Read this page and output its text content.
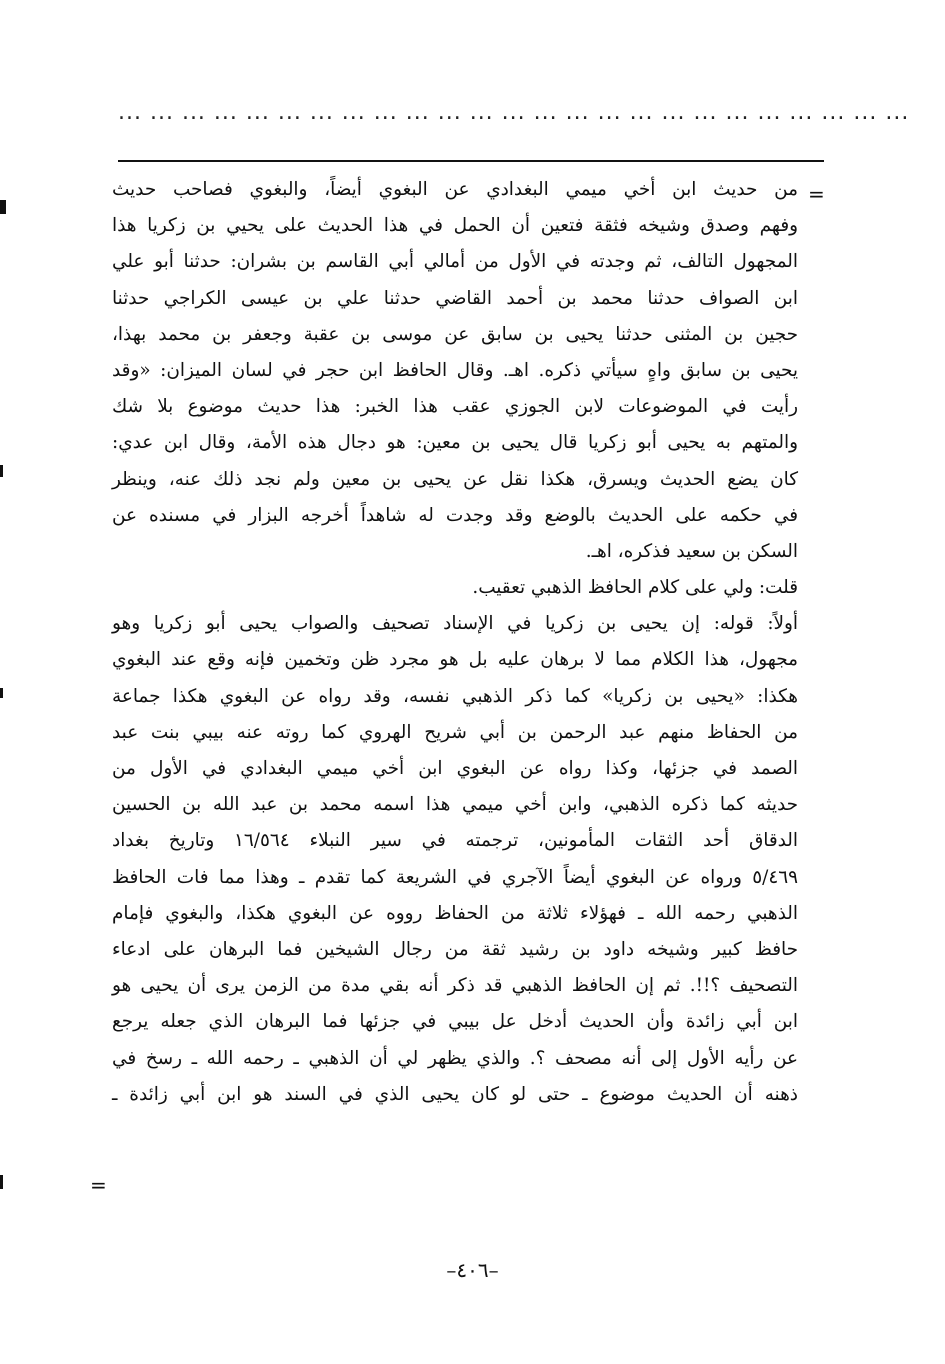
... ... ... ... ... ... ... ... ... ... ... ... ... ... ... ... ... ... ... ... ... ... ... ... ...
=
من حديث ابن أخي ميمي البغدادي عن البغوي أيضاً، والبغوي فصاحب حديث
وفهم وصدق وشيخه فثقة فتعين أن الحمل في هذا الحديث على يحيي بن زكريا هذا
المجهول التالف، ثم وجدته في الأول من أمالي أبي القاسم بن بشران: حدثنا أبو علي
ابن الصواف حدثنا محمد بن أحمد القاضي حدثنا علي بن عيسى الكراجي حدثنا
حجين بن المثنى حدثنا يحيى بن سابق عن موسى بن عقبة وجعفر بن محمد بهذا،
يحيى بن سابق واهٍ سيأتي ذكره. اهـ. وقال الحافظ ابن حجر في لسان الميزان: «وقد
رأيت في الموضوعات لابن الجوزي عقب هذا الخبر: هذا حديث موضوع بلا شك
والمتهم به يحيى أبو زكريا قال يحيى بن معين: هو دجال هذه الأمة، وقال ابن عدي:
كان يضع الحديث ويسرق، هكذا نقل عن يحيى بن معين ولم نجد ذلك عنه، وينظر
في حكمه على الحديث بالوضع وقد وجدت له شاهداً أخرجه البزار في مسنده عن
السكن بن سعيد فذكره، اهـ.
قلت: ولي على كلام الحافظ الذهبي تعقيب.
أولاً: قوله: إن يحيى بن زكريا في الإسناد تصحيف والصواب يحيى أبو زكريا وهو
مجهول، هذا الكلام مما لا برهان عليه بل هو مجرد ظن وتخمين فإنه وقع عند البغوي
هكذا: «يحيى بن زكريا» كما ذكر الذهبي نفسه، وقد رواه عن البغوي هكذا جماعة
من الحفاظ منهم عبد الرحمن بن أبي شريح الهروي كما روته عنه بيبي بنت عبد
الصمد في جزئها، وكذا رواه عن البغوي ابن أخي ميمي البغدادي في الأول من
حديثه كما ذكره الذهبي، وابن أخي ميمي هذا اسمه محمد بن عبد الله بن الحسين
الدقاق أحد الثقات المأمونين، ترجمته في سير النبلاء ١٦/٥٦٤ وتاريخ بغداد
٥/٤٦٩ ورواه عن البغوي أيضاً الآجري في الشريعة كما تقدم ـ وهذا مما فات الحافظ
الذهبي رحمه الله ـ فهؤلاء ثلاثة من الحفاظ رووه عن البغوي هكذا، والبغوي فإمام
حافظ كبير وشيخه داود بن رشيد ثقة من رجال الشيخين فما البرهان على ادعاء
التصحيف ؟!!. ثم إن الحافظ الذهبي قد ذكر أنه بقي مدة من الزمن يرى أن يحيى هو
ابن أبي زائدة وأن الحديث أدخل عل بيبي في جزئها فما البرهان الذي جعله يرجع
عن رأيه الأول إلى أنه مصحف ؟. والذي يظهر لي أن الذهبي ـ رحمه الله ـ رسخ في
ذهنه أن الحديث موضوع ـ حتى لو كان يحيى الذي في السند هو ابن أبي زائدة ـ
=
–٤٠٦–
